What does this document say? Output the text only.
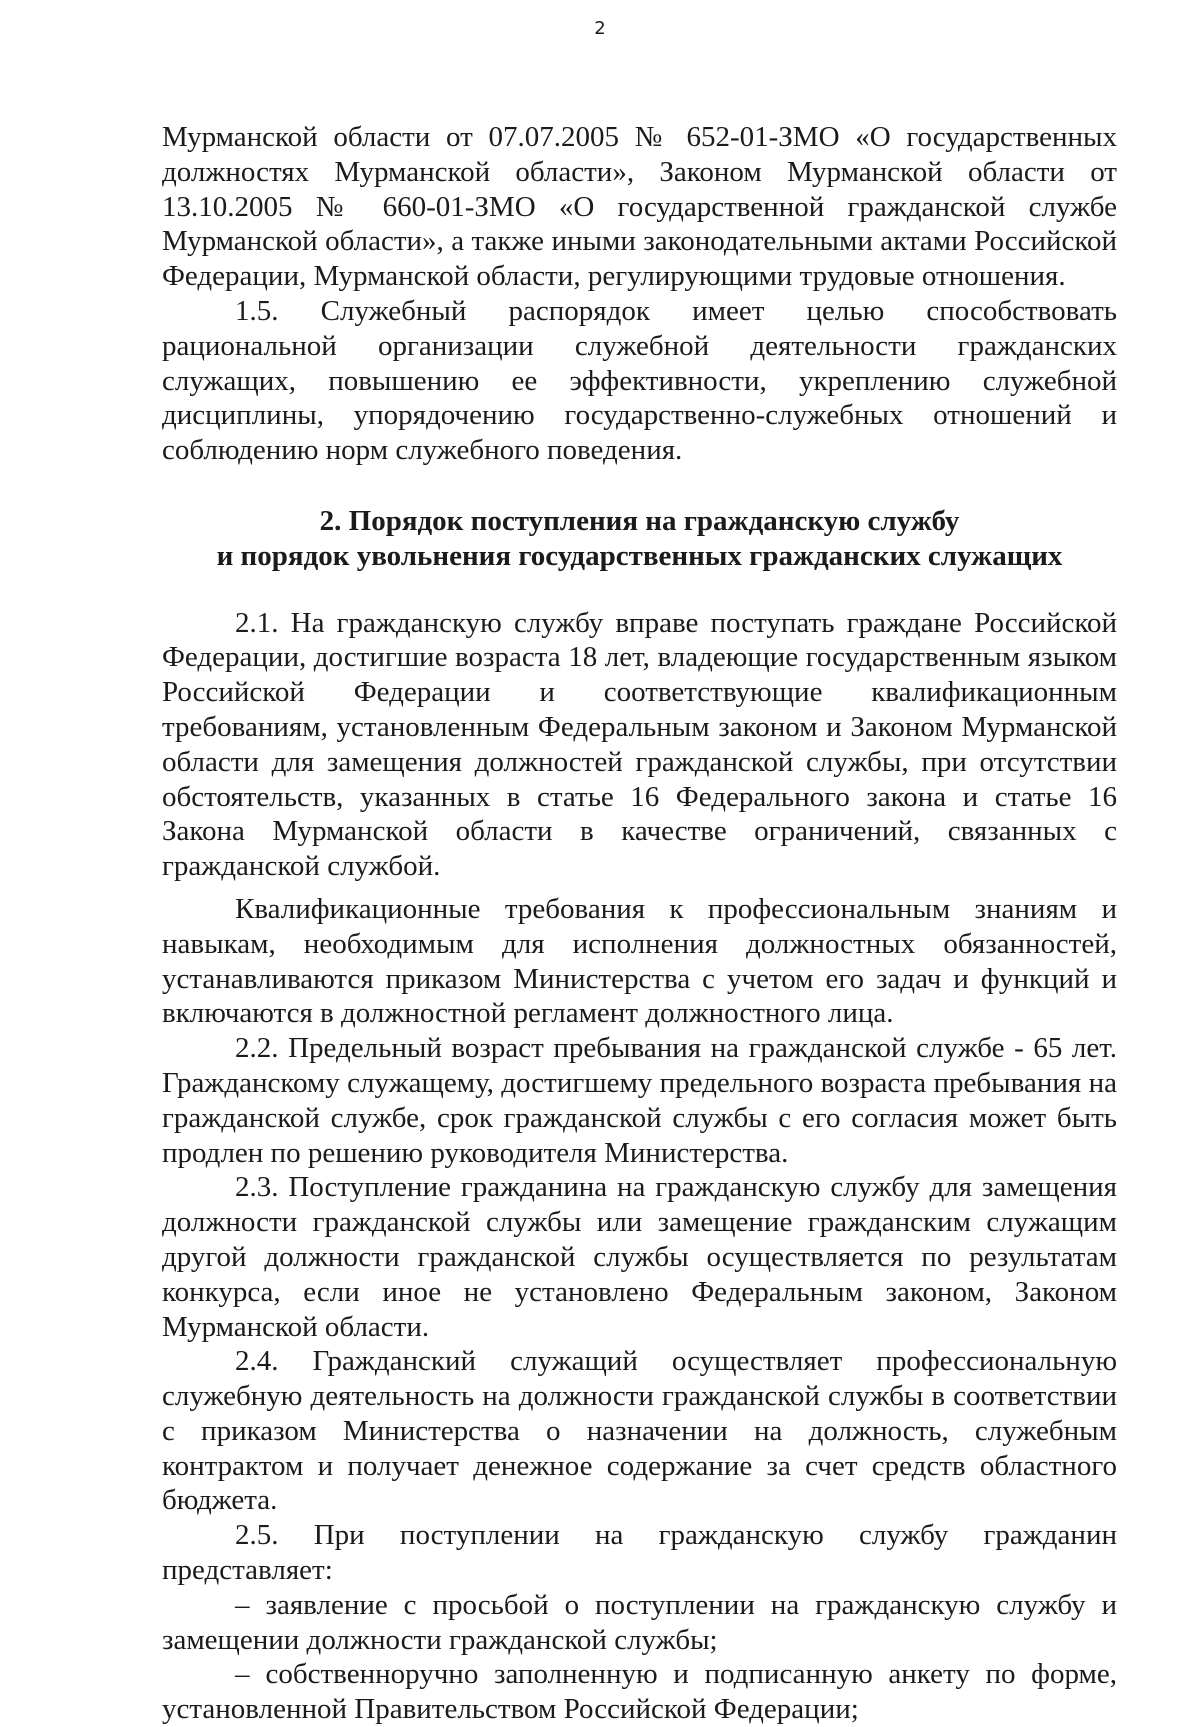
2

Мурманской области от 07.07.2005 № 652-01-ЗМО «О государственных должностях Мурманской области», Законом Мурманской области от 13.10.2005 № 660-01-ЗМО «О государственной гражданской службе Мурманской области», а также иными законодательными актами Российской Федерации, Мурманской области, регулирующими трудовые отношения.

1.5. Служебный распорядок имеет целью способствовать рациональной организации служебной деятельности гражданских служащих, повышению ее эффективности, укреплению служебной дисциплины, упорядочению государственно-служебных отношений и соблюдению норм служебного поведения.

2. Порядок поступления на гражданскую службу
и порядок увольнения государственных гражданских служащих

2.1. На гражданскую службу вправе поступать граждане Российской Федерации, достигшие возраста 18 лет, владеющие государственным языком Российской Федерации и соответствующие квалификационным требованиям, установленным Федеральным законом и Законом Мурманской области для замещения должностей гражданской службы, при отсутствии обстоятельств, указанных в статье 16 Федерального закона и статье 16 Закона Мурманской области в качестве ограничений, связанных с гражданской службой.

Квалификационные требования к профессиональным знаниям и навыкам, необходимым для исполнения должностных обязанностей, устанавливаются приказом Министерства с учетом его задач и функций и включаются в должностной регламент должностного лица.

2.2. Предельный возраст пребывания на гражданской службе - 65 лет. Гражданскому служащему, достигшему предельного возраста пребывания на гражданской службе, срок гражданской службы с его согласия может быть продлен по решению руководителя Министерства.

2.3. Поступление гражданина на гражданскую службу для замещения должности гражданской службы или замещение гражданским служащим другой должности гражданской службы осуществляется по результатам конкурса, если иное не установлено Федеральным законом, Законом Мурманской области.

2.4. Гражданский служащий осуществляет профессиональную служебную деятельность на должности гражданской службы в соответствии с приказом Министерства о назначении на должность, служебным контрактом и получает денежное содержание за счет средств областного бюджета.

2.5. При поступлении на гражданскую службу гражданин представляет:

– заявление с просьбой о поступлении на гражданскую службу и замещении должности гражданской службы;

– собственноручно заполненную и подписанную анкету по форме, установленной Правительством Российской Федерации;
